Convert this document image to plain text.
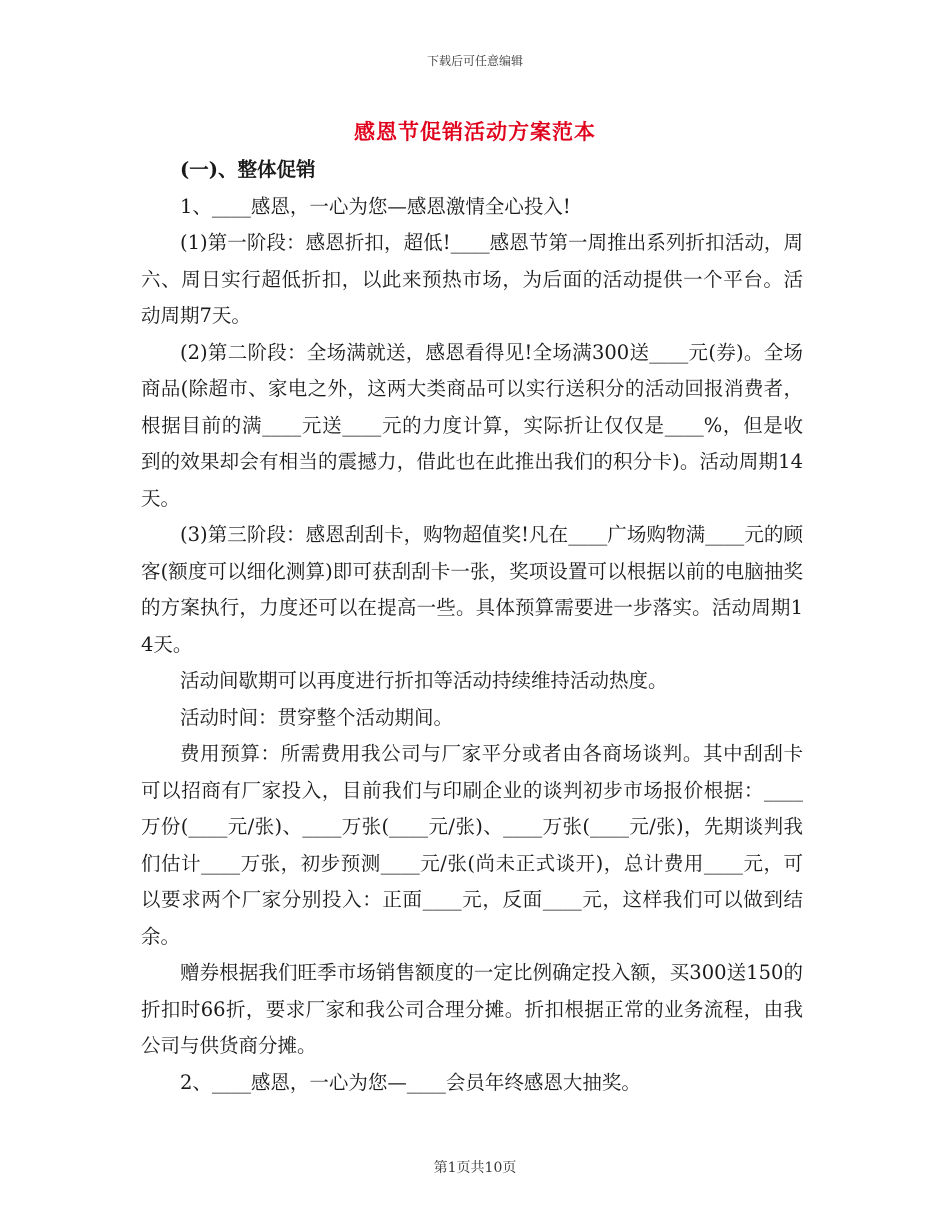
下载后可任意编辑
感恩节促销活动方案范本

(一)、整体促销

1、____感恩，一心为您—感恩激情全心投入!

(1)第一阶段：感恩折扣，超低!____感恩节第一周推出系列折扣活动，周六、周日实行超低折扣，以此来预热市场，为后面的活动提供一个平台。活动周期7天。

(2)第二阶段：全场满就送，感恩看得见!全场满300送____元(券)。全场商品(除超市、家电之外，这两大类商品可以实行送积分的活动回报消费者，根据目前的满____元送____元的力度计算，实际折让仅仅是____%，但是收到的效果却会有相当的震撼力，借此也在此推出我们的积分卡)。活动周期14天。

(3)第三阶段：感恩刮刮卡，购物超值奖!凡在____广场购物满____元的顾客(额度可以细化测算)即可获刮刮卡一张，奖项设置可以根据以前的电脑抽奖的方案执行，力度还可以在提高一些。具体预算需要进一步落实。活动周期14天。

活动间歇期可以再度进行折扣等活动持续维持活动热度。

活动时间：贯穿整个活动期间。

费用预算：所需费用我公司与厂家平分或者由各商场谈判。其中刮刮卡可以招商有厂家投入，目前我们与印刷企业的谈判初步市场报价根据：____万份(____元/张)、____万张(____元/张)、____万张(____元/张)，先期谈判我们估计____万张，初步预测____元/张(尚未正式谈开)，总计费用____元，可以要求两个厂家分别投入：正面____元，反面____元，这样我们可以做到结余。

赠券根据我们旺季市场销售额度的一定比例确定投入额，买300送150的折扣时66折，要求厂家和我公司合理分摊。折扣根据正常的业务流程，由我公司与供货商分摊。

2、____感恩，一心为您—____会员年终感恩大抽奖。

第1页共10页
